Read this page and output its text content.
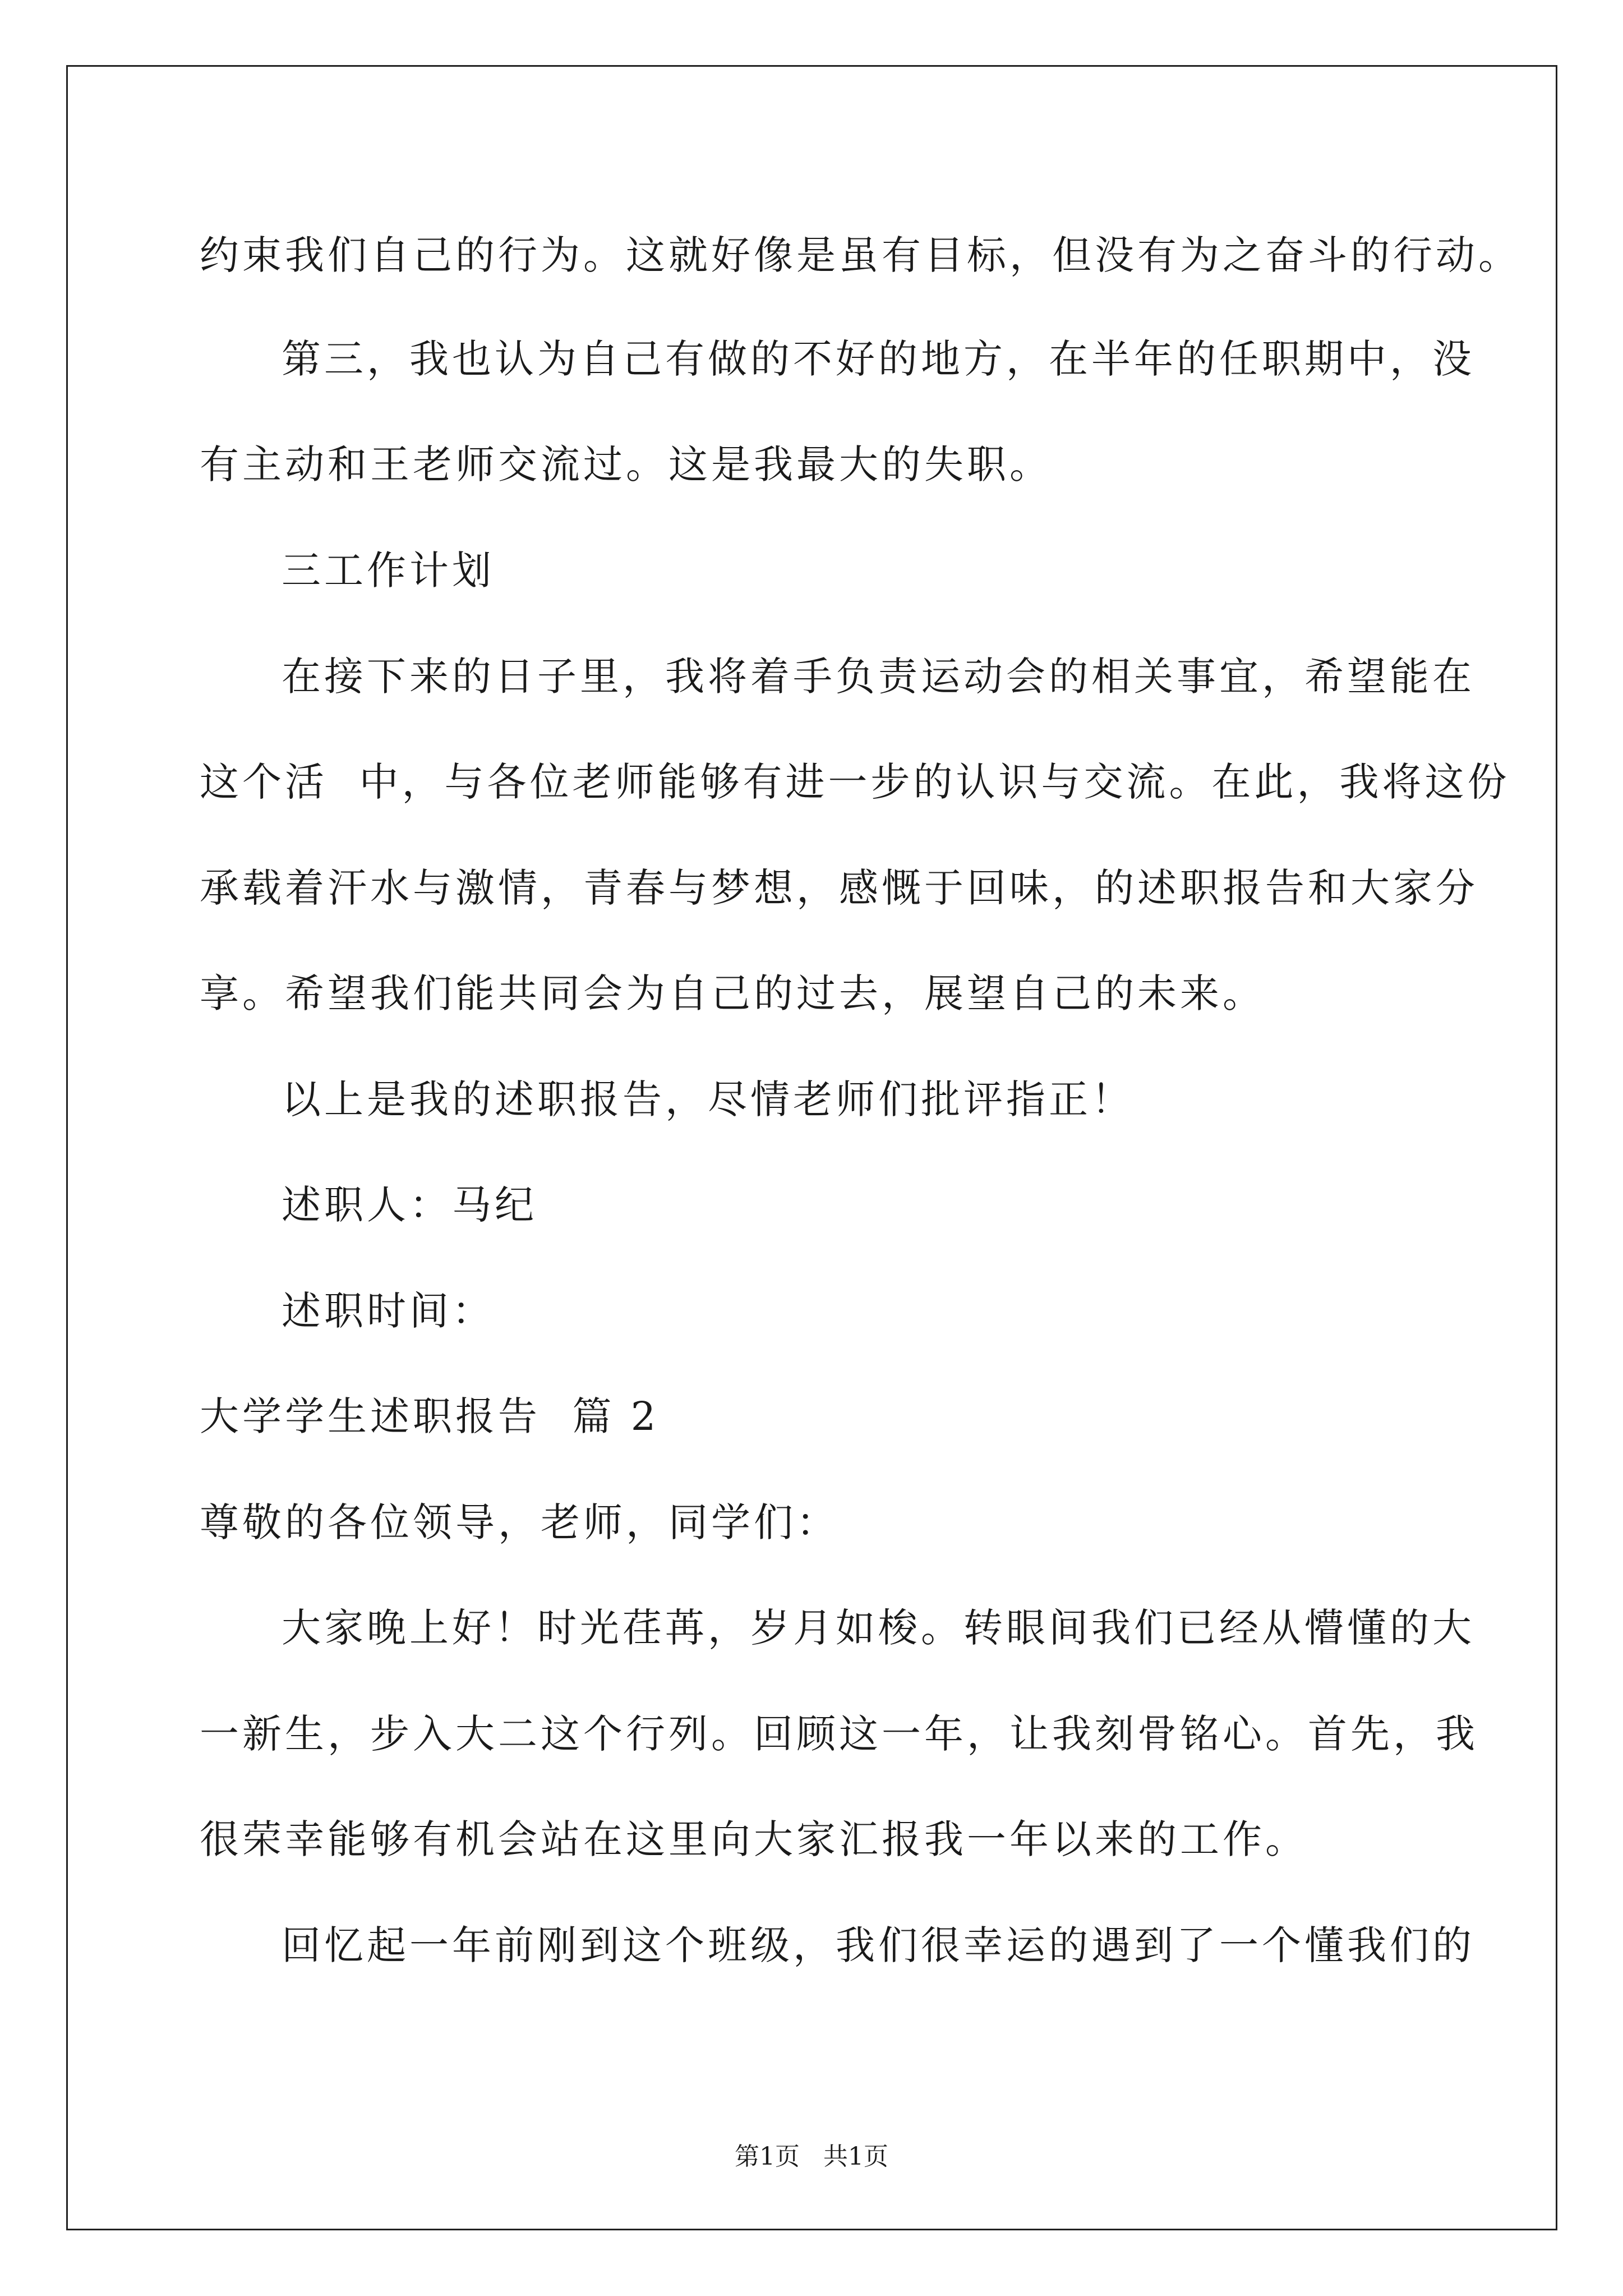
约束我们自己的行为。这就好像是虽有目标，但没有为之奋斗的行动。
第三，我也认为自己有做的不好的地方，在半年的任职期中，没
有主动和王老师交流过。这是我最大的失职。
三工作计划
在接下来的日子里，我将着手负责运动会的相关事宜，希望能在
这个活  中，与各位老师能够有进一步的认识与交流。在此，我将这份
承载着汗水与激情，青春与梦想，感慨于回味，的述职报告和大家分
享。希望我们能共同会为自己的过去，展望自己的未来。
以上是我的述职报告，尽情老师们批评指正！
述职人：马纪
述职时间：
大学学生述职报告  篇 2
尊敬的各位领导，老师，同学们：
大家晚上好！时光荏苒，岁月如梭。转眼间我们已经从懵懂的大
一新生，步入大二这个行列。回顾这一年，让我刻骨铭心。首先，我
很荣幸能够有机会站在这里向大家汇报我一年以来的工作。
回忆起一年前刚到这个班级，我们很幸运的遇到了一个懂我们的
第1页   共1页
